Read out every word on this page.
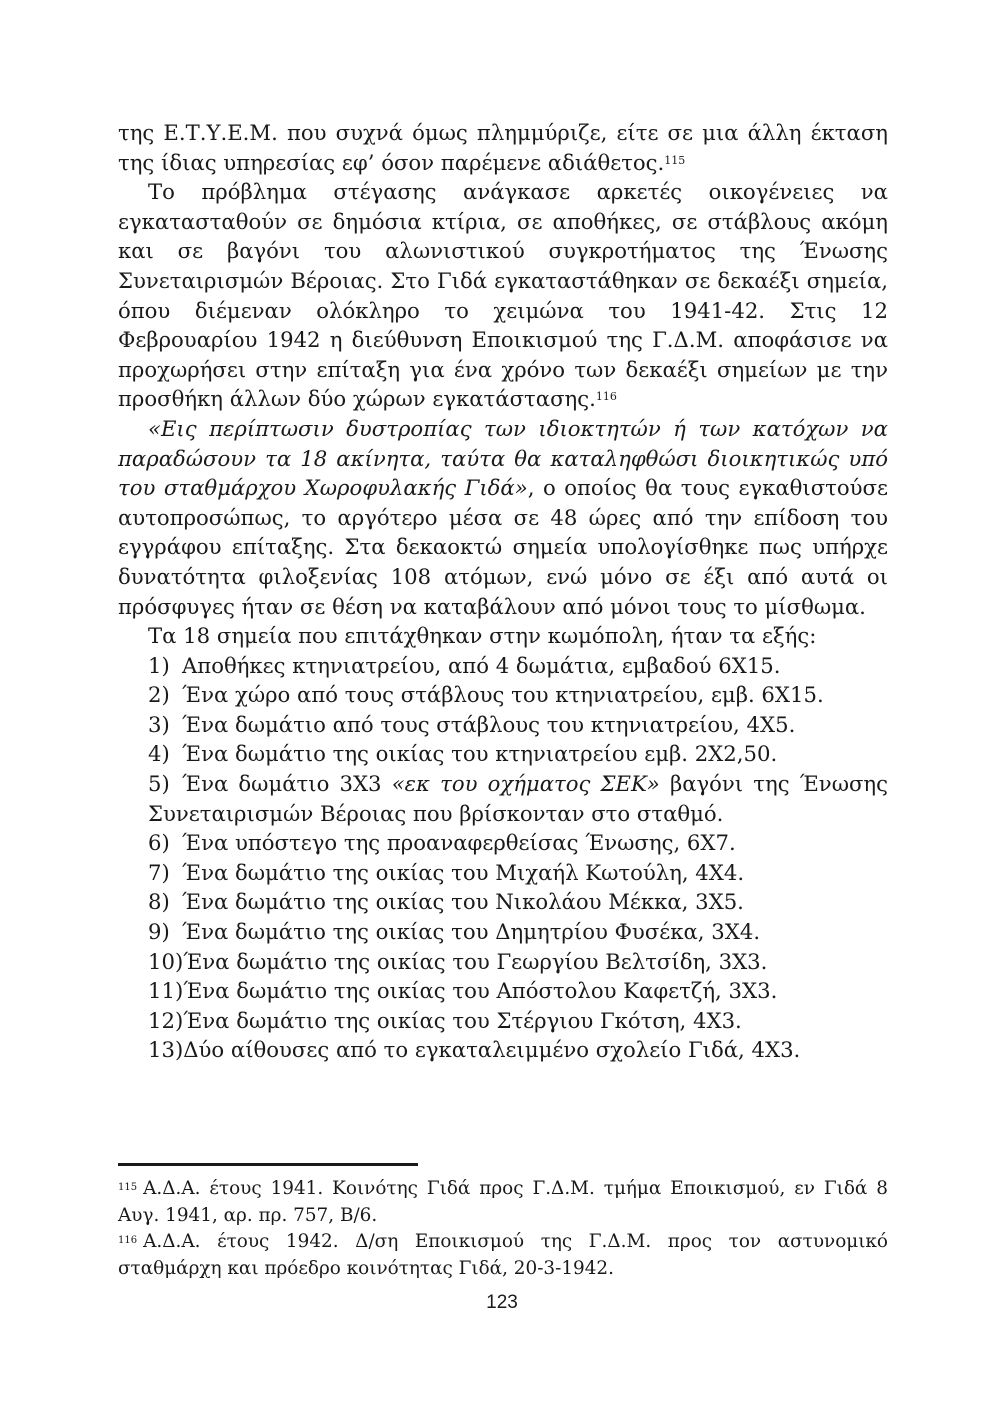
της Ε.Τ.Υ.Ε.Μ. που συχνά όμως πλημμύριζε, είτε σε μια άλλη έκταση της ίδιας υπηρεσίας εφ’ όσον παρέμενε αδιάθετος.$^{115}$

Το πρόβλημα στέγασης ανάγκασε αρκετές οικογένειες να εγκατασταθούν σε δημόσια κτίρια, σε αποθήκες, σε στάβλους ακόμη και σε βαγόνι του αλωνιστικού συγκροτήματος της Ένωσης Συνεταιρισμών Βέροιας. Στο Γιδά εγκαταστάθηκαν σε δεκαέξι σημεία, όπου διέμεναν ολόκληρο το χειμώνα του 1941-42. Στις 12 Φεβρουαρίου 1942 η διεύθυνση Εποικισμού της Γ.Δ.Μ. αποφάσισε να προχωρήσει στην επίταξη για ένα χρόνο των δεκαέξι σημείων με την προσθήκη άλλων δύο χώρων εγκατάστασης.$^{116}$

«Εις περίπτωσιν δυστροπίας των ιδιοκτητών ή των κατόχων να παραδώσουν τα 18 ακίνητα, ταύτα θα καταληφθώσι διοικητικώς υπό του σταθμάρχου Χωροφυλακής Γιδά», ο οποίος θα τους εγκαθιστούσε αυτοπροσώπως, το αργότερο μέσα σε 48 ώρες από την επίδοση του εγγράφου επίταξης. Στα δεκαοκτώ σημεία υπολογίσθηκε πως υπήρχε δυνατότητα φιλοξενίας 108 ατόμων, ενώ μόνο σε έξι από αυτά οι πρόσφυγες ήταν σε θέση να καταβάλουν από μόνοι τους το μίσθωμα.

Τα 18 σημεία που επιτάχθηκαν στην κωμόπολη, ήταν τα εξής:

1) Αποθήκες κτηνιατρείου, από 4 δωμάτια, εμβαδού 6Χ15.
2) Ένα χώρο από τους στάβλους του κτηνιατρείου, εμβ. 6Χ15.
3) Ένα δωμάτιο από τους στάβλους του κτηνιατρείου, 4Χ5.
4) Ένα δωμάτιο της οικίας του κτηνιατρείου εμβ. 2Χ2,50.
5) Ένα δωμάτιο 3Χ3 «εκ του οχήματος ΣΕΚ» βαγόνι της Ένωσης Συνεταιρισμών Βέροιας που βρίσκονταν στο σταθμό.
6) Ένα υπόστεγο της προαναφερθείσας Ένωσης, 6Χ7.
7) Ένα δωμάτιο της οικίας του Μιχαήλ Κωτούλη, 4Χ4.
8) Ένα δωμάτιο της οικίας του Νικολάου Μέκκα, 3Χ5.
9) Ένα δωμάτιο της οικίας του Δημητρίου Φυσέκα, 3Χ4.
10)Ένα δωμάτιο της οικίας του Γεωργίου Βελτσίδη, 3Χ3.
11)Ένα δωμάτιο της οικίας του Απόστολου Καφετζή, 3Χ3.
12)Ένα δωμάτιο της οικίας του Στέργιου Γκότση, 4Χ3.
13)Δύο αίθουσες από το εγκαταλειμμένο σχολείο Γιδά, 4Χ3.

$^{115}$ Α.Δ.Α. έτους 1941. Κοινότης Γιδά προς Γ.Δ.Μ. τμήμα Εποικισμού, εν Γιδά 8 Αυγ. 1941, αρ. πρ. 757, Β/6.

$^{116}$ Α.Δ.Α. έτους 1942. Δ/ση Εποικισμού της Γ.Δ.Μ. προς τον αστυνομικό σταθμάρχη και πρόεδρο κοινότητας Γιδά, 20-3-1942.

123
